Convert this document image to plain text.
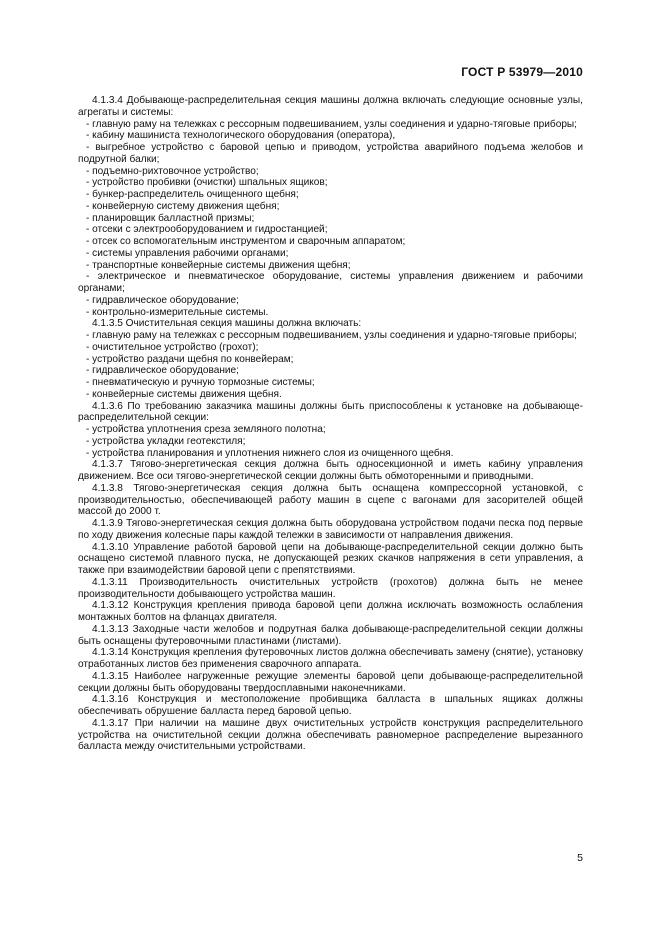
ГОСТ Р 53979—2010

4.1.3.4 Добывающе-распределительная секция машины должна включать следующие основные узлы, агрегаты и системы:

- главную раму на тележках с рессорным подвешиванием, узлы соединения и ударно-тяговые приборы;

- кабину машиниста технологического оборудования (оператора),

- выгребное устройство с баровой цепью и приводом, устройства аварийного подъема желобов и подрутной балки;

- подъемно-рихтовочное устройство;

- устройство пробивки (очистки) шпальных ящиков;

- бункер-распределитель очищенного щебня;

- конвейерную систему движения щебня;

- планировщик балластной призмы;

- отсеки с электрооборудованием и гидростанцией;

- отсек со вспомогательным инструментом и сварочным аппаратом;

- системы управления рабочими органами;

- транспортные конвейерные системы движения щебня;

- электрическое и пневматическое оборудование, системы управления движением и рабочими органами;

- гидравлическое оборудование;

- контрольно-измерительные системы.

4.1.3.5 Очистительная секция машины должна включать:

- главную раму на тележках с рессорным подвешиванием, узлы соединения и ударно-тяговые приборы;

- очистительное устройство (грохот);

- устройство раздачи щебня по конвейерам;

- гидравлическое оборудование;

- пневматическую и ручную тормозные системы;

- конвейерные системы движения щебня.

4.1.3.6 По требованию заказчика машины должны быть приспособлены к установке на добывающе-распределительной секции:

- устройства уплотнения среза земляного полотна;

- устройства укладки геотекстиля;

- устройства планирования и уплотнения нижнего слоя из очищенного щебня.

4.1.3.7 Тягово-энергетическая секция должна быть односекционной и иметь кабину управления движением. Все оси тягово-энергетической секции должны быть обмоторенными и приводными.

4.1.3.8 Тягово-энергетическая секция должна быть оснащена компрессорной установкой, с производительностью, обеспечивающей работу машин в сцепе с вагонами для засорителей общей массой до 2000 т.

4.1.3.9 Тягово-энергетическая секция должна быть оборудована устройством подачи песка под первые по ходу движения колесные пары каждой тележки в зависимости от направления движения.

4.1.3.10 Управление работой баровой цепи на добывающе-распределительной секции должно быть оснащено системой плавного пуска, не допускающей резких скачков напряжения в сети управления, а также при взаимодействии баровой цепи с препятствиями.

4.1.3.11 Производительность очистительных устройств (грохотов) должна быть не менее производительности добывающего устройства машин.

4.1.3.12 Конструкция крепления привода баровой цепи должна исключать возможность ослабления монтажных болтов на фланцах двигателя.

4.1.3.13 Заходные части желобов и подрутная балка добывающе-распределительной секции должны быть оснащены футеровочными пластинами (листами).

4.1.3.14 Конструкция крепления футеровочных листов должна обеспечивать замену (снятие), установку отработанных листов без применения сварочного аппарата.

4.1.3.15 Наиболее нагруженные режущие элементы баровой цепи добывающе-распределительной секции должны быть оборудованы твердосплавными наконечниками.

4.1.3.16 Конструкция и местоположение пробивщика балласта в шпальных ящиках должны обеспечивать обрушение балласта перед баровой цепью.

4.1.3.17 При наличии на машине двух очистительных устройств конструкция распределительного устройства на очистительной секции должна обеспечивать равномерное распределение вырезанного балласта между очистительными устройствами.

5
